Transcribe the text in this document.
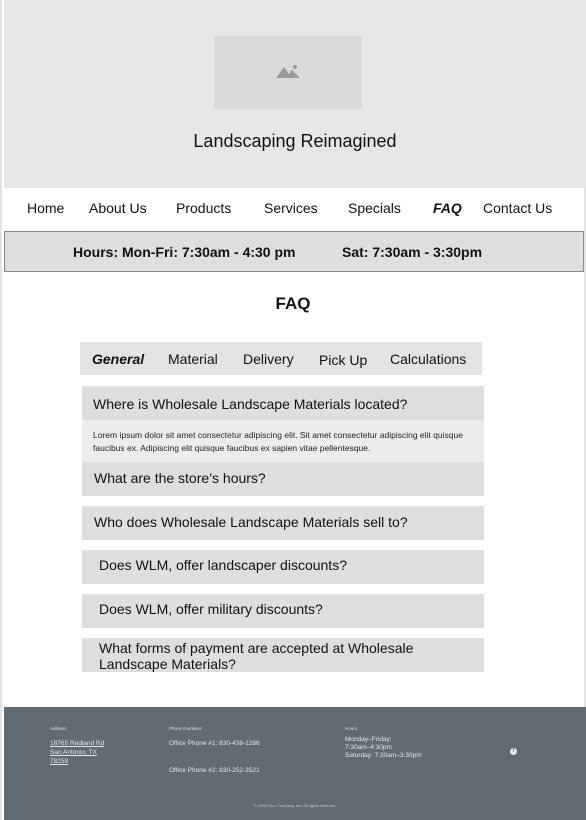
Landscaping Reimagined
Home About Us Products Services Specials FAQ Contact Us
Hours: Mon-Fri: 7:30am - 4:30 pm	Sat: 7:30am - 3:30pm
FAQ
General Material Delivery Pick Up Calculations
Where is Wholesale Landscape Materials located?

Lorem ipsum dolor sit amet consectetur adipiscing elit. Sit amet consectetur adipiscing elit quisque faucibus ex. Adipiscing elit quisque faucibus ex sapien vitae pellentesque.

What are the store’s hours?
Who does Wholesale Landscape Materials sell to?
Does WLM, offer landscaper discounts?
Does WLM, offer military discounts?
What forms of payment are accepted at Wholesale Landscape Materials?
Address
18765 Redland Rd
San Antonio, TX
78259
Phone Numbers
Office Phone #1: 830-438-1286
Office Phone #2: 830-252-3521
Hours
Monday–Friday:
7:30am–4:30pm
Saturday: 7:30am–3:30pm
f
© 2035 Your Company, inc. All rights reserved.
